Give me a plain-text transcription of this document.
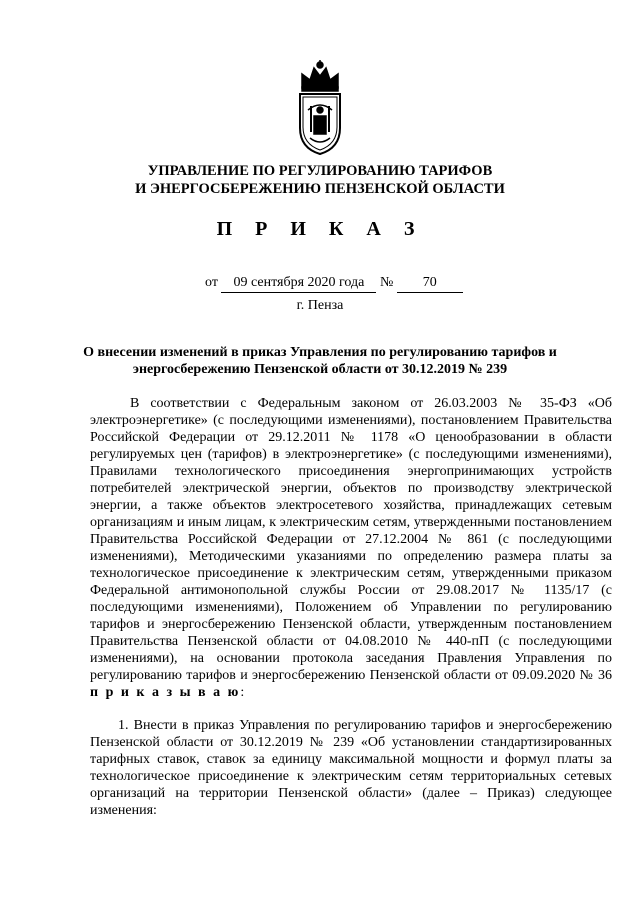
УПРАВЛЕНИЕ ПО РЕГУЛИРОВАНИЮ ТАРИФОВ
И ЭНЕРГОСБЕРЕЖЕНИЮ ПЕНЗЕНСКОЙ ОБЛАСТИ
П Р И К А З
от 09 сентября 2020 года № 70
г. Пенза
О внесении изменений в приказ Управления по регулированию тарифов и
энергосбережению Пензенской области от 30.12.2019 № 239
В соответствии с Федеральным законом от 26.03.2003 № 35-ФЗ «Об электроэнергетике» (с последующими изменениями), постановлением Правительства Российской Федерации от 29.12.2011 № 1178 «О ценообразовании в области регулируемых цен (тарифов) в электроэнергетике» (с последующими изменениями), Правилами технологического присоединения энергопринимающих устройств потребителей электрической энергии, объектов по производству электрической энергии, а также объектов электросетевого хозяйства, принадлежащих сетевым организациям и иным лицам, к электрическим сетям, утвержденными постановлением Правительства Российской Федерации от 27.12.2004 № 861 (с последующими изменениями), Методическими указаниями по определению размера платы за технологическое присоединение к электрическим сетям, утвержденными приказом Федеральной антимонопольной службы России от 29.08.2017 № 1135/17 (с последующими изменениями), Положением об Управлении по регулированию тарифов и энергосбережению Пензенской области, утвержденным постановлением Правительства Пензенской области от 04.08.2010 № 440-пП (с последующими изменениями), на основании протокола заседания Правления Управления по регулированию тарифов и энергосбережению Пензенской области от 09.09.2020 № 36 п р и к а з ы в а ю:
1. Внести в приказ Управления по регулированию тарифов и энергосбережению Пензенской области от 30.12.2019 № 239 «Об установлении стандартизированных тарифных ставок, ставок за единицу максимальной мощности и формул платы за технологическое присоединение к электрическим сетям территориальных сетевых организаций на территории Пензенской области» (далее – Приказ) следующее изменения:
